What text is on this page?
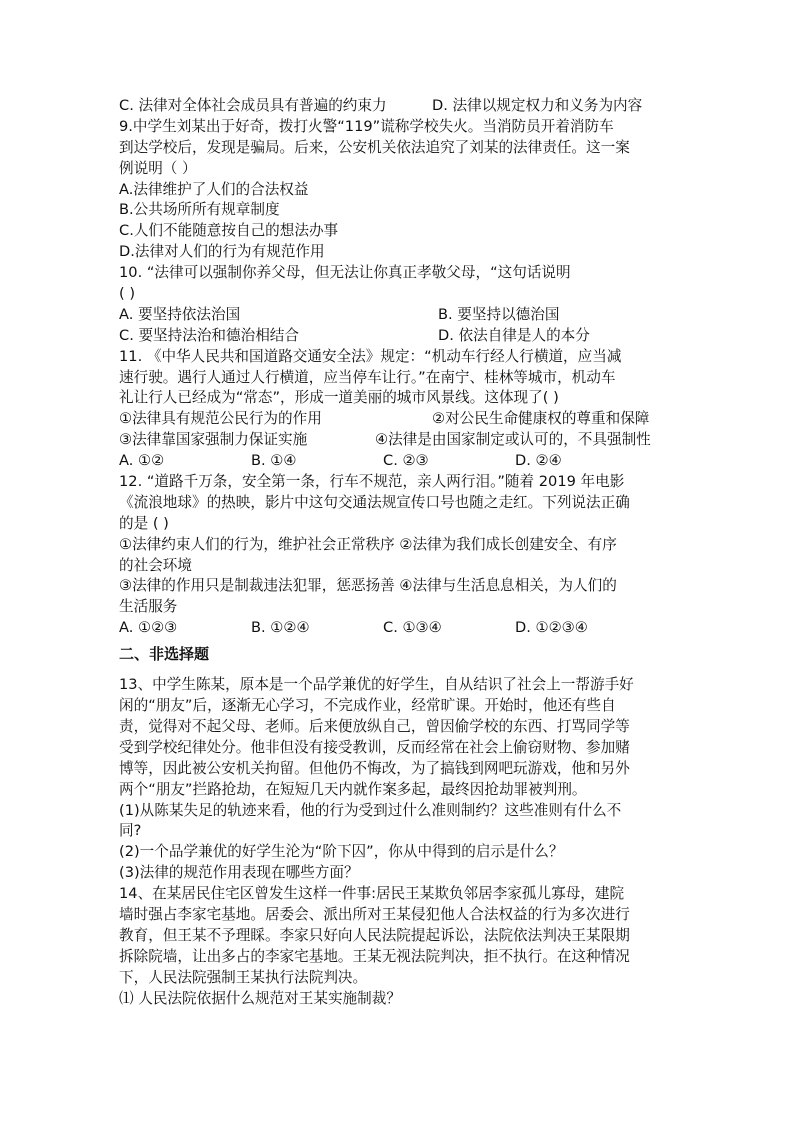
C. 法律对全体社会成员具有普遍的约束力	D. 法律以规定权力和义务为内容
9.中学生刘某出于好奇，拨打火警“119”谎称学校失火。当消防员开着消防车
到达学校后，发现是骗局。后来，公安机关依法追究了刘某的法律责任。这一案
例说明（ ）
A.法律维护了人们的合法权益
B.公共场所所有规章制度
C.人们不能随意按自己的想法办事
D.法律对人们的行为有规范作用
10. “法律可以强制你养父母，但无法让你真正孝敬父母，“这句话说明
( )
A. 要坚持依法治国	B. 要坚持以德治国
C. 要坚持法治和德治相结合	D. 依法自律是人的本分
11. 《中华人民共和国道路交通安全法》规定：“机动车行经人行横道，应当减
速行驶。遇行人通过人行横道，应当停车让行。”在南宁、桂林等城市，机动车
礼让行人已经成为“常态”，形成一道美丽的城市风景线。这体现了( )
①法律具有规范公民行为的作用	②对公民生命健康权的尊重和保障
③法律靠国家强制力保证实施	④法律是由国家制定或认可的，不具强制性
A. ①②	B. ①④	C. ②③	D. ②④
12. “道路千万条，安全第一条，行车不规范，亲人两行泪。”随着 2019 年电影
《流浪地球》的热映，影片中这句交通法规宣传口号也随之走红。下列说法正确
的是 ( )
①法律约束人们的行为，维护社会正常秩序 ②法律为我们成长创建安全、有序
的社会环境
③法律的作用只是制裁违法犯罪，惩恶扬善 ④法律与生活息息相关，为人们的
生活服务
A. ①②③	B. ①②④	C. ①③④	D. ①②③④
二、非选择题
13、中学生陈某，原本是一个品学兼优的好学生，自从结识了社会上一帮游手好
闲的“朋友”后，逐渐无心学习，不完成作业，经常旷课。开始时，他还有些自
责，觉得对不起父母、老师。后来便放纵自己，曾因偷学校的东西、打骂同学等
受到学校纪律处分。他非但没有接受教训，反而经常在社会上偷窃财物、参加赌
博等，因此被公安机关拘留。但他仍不悔改，为了搞钱到网吧玩游戏，他和另外
两个“朋友”拦路抢劫，在短短几天内就作案多起，最终因抢劫罪被判刑。
(1)从陈某失足的轨迹来看，他的行为受到过什么准则制约？这些准则有什么不
同?
(2)一个品学兼优的好学生沦为“阶下囚”，你从中得到的启示是什么？
(3)法律的规范作用表现在哪些方面？
14、在某居民住宅区曾发生这样一件事:居民王某欺负邻居李家孤儿寡母，建院
墙时强占李家宅基地。居委会、派出所对王某侵犯他人合法权益的行为多次进行
教育，但王某不予理睬。李家只好向人民法院提起诉讼，法院依法判决王某限期
拆除院墙，让出多占的李家宅基地。王某无视法院判决，拒不执行。在这种情况
下，人民法院强制王某执行法院判决。
⑴ 人民法院依据什么规范对王某实施制裁？
